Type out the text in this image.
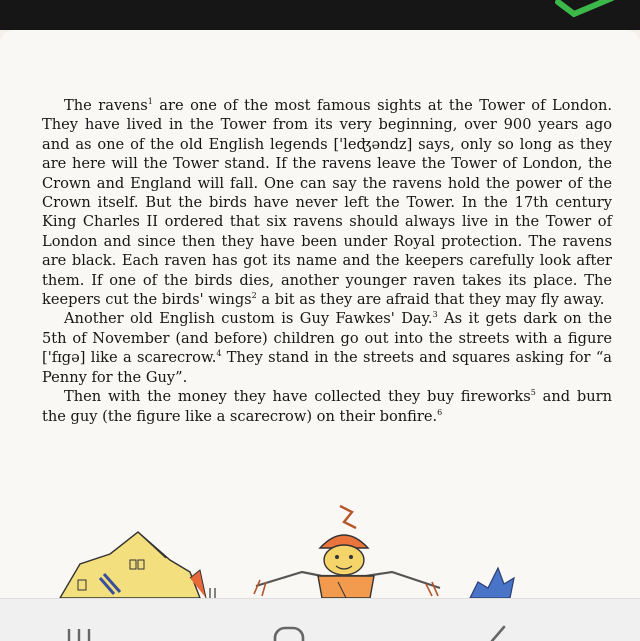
The ravens$^1$ are one of the most famous sights at the Tower of London. They have lived in the Tower from its very beginning, over 900 years ago and as one of the old English legends ['leʤəndz] says, only so long as they are here will the Tower stand. If the ravens leave the Tower of London, the Crown and England will fall. One can say the ravens hold the power of the Crown itself. But the birds have never left the Tower. In the 17th century King Charles II ordered that six ravens should always live in the Tower of London and since then they have been under Royal protection. The ravens are black. Each raven has got its name and the keepers carefully look after them. If one of the birds dies, another younger raven takes its place. The keepers cut the birds' wings$^2$ a bit as they are afraid that they may fly away.

Another old English custom is Guy Fawkes' Day.$^3$ As it gets dark on the 5th of November (and before) children go out into the streets with a figure ['fɪgə] like a scarecrow.$^4$ They stand in the streets and squares asking for “a Penny for the Guy”.

Then with the money they have collected they buy fireworks$^5$ and burn the guy (the figure like a scarecrow) on their bonfire.$^6$
